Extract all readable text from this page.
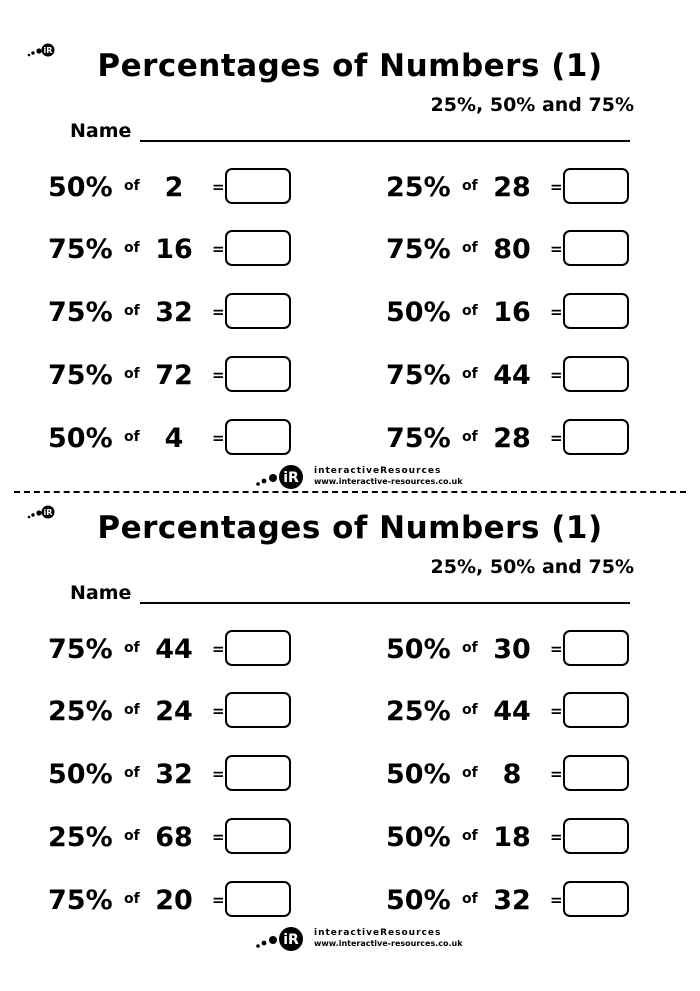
iR	Percentages of Numbers (1)
25%, 50% and 75%
Name
50% of 2	=
75% of 16 =
75% of 32 =
75% of 72 =
50% of 4	=
25% of 28 =
75% of 80 =
50% of 16 =
75% of 44 =
75% of 28 =
iR interactiveResources
www.interactive-resources.co.uk
iR	Percentages of Numbers (1)
25%, 50% and 75%
Name
75% of 44 =
25% of 24 =
50% of 32 =
25% of 68 =
75% of 20 =
50% of 30 =
25% of 44 =
50% of 8	=
50% of 18 =
50% of 32 =
iR interactiveResources
www.interactive-resources.co.uk
